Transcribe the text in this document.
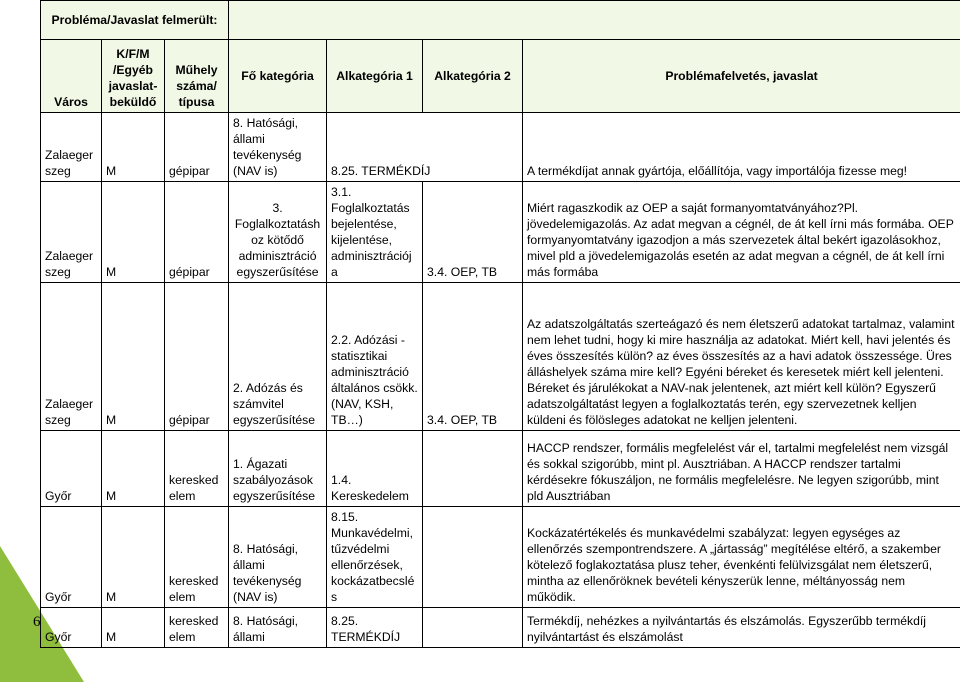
6
Probléma/Javaslat felmerült:						
Város	K/F/M /Egyéb javaslat-beküldő	Műhely száma/ típusa	Fő kategória	Alkategória 1	Alkategória 2	Problémafelvetés, javaslat
Zalaegerszeg	M	gépipar	8. Hatósági, állami tevékenység (NAV is)	8.25. TERMÉKDÍJ		A termékdíjat annak gyártója, előállítója, vagy importálója fizesse meg!
Zalaegerszeg	M	gépipar	3. Foglalkoztatáshoz kötődő adminisztráció egyszerűsítése	3.1. Foglalkoztatás bejelentése, kijelentése, adminisztrációja	3.4. OEP, TB	Miért ragaszkodik az OEP a saját formanyomtatványához?Pl. jövedelemigazolás. Az adat megvan a cégnél, de át kell írni más formába. OEP formyanyomtatvány igazodjon a más szervezetek által bekért igazolásokhoz, mivel pld a jövedelemigazolás esetén az adat megvan a cégnél, de át kell írni más formába
Zalaegerszeg	M	gépipar	2. Adózás és számvitel egyszerűsítése	2.2. Adózási - statisztikai adminisztráció általános csökk. (NAV, KSH, TB…)	3.4. OEP, TB	Az adatszolgáltatás szerteágazó és nem életszerű adatokat tartalmaz, valamint nem lehet tudni, hogy ki mire használja az adatokat. Miért kell, havi jelentés és éves összesítés külön? az éves összesítés az a havi adatok összessége. Üres álláshelyek száma mire kell? Egyéni béreket és keresetek miért kell jelenteni. Béreket és járulékokat a NAV-nak jelentenek, azt miért kell külön? Egyszerű adatszolgáltatást legyen a foglalkoztatás terén, egy szervezetnek kelljen küldeni és fölösleges adatokat ne kelljen jelenteni.
Győr	M	kereskedelem	1. Ágazati szabályozások egyszerűsítése	1.4. Kereskedelem		HACCP rendszer, formális megfelelést vár el, tartalmi megfelelést nem vizsgál és sokkal szigorúbb, mint pl. Ausztriában. A HACCP rendszer tartalmi kérdésekre fókuszáljon, ne formális megfelelésre. Ne legyen szigorúbb, mint pld Ausztriában
Győr	M	kereskedelem	8. Hatósági, állami tevékenység (NAV is)	8.15. Munkavédelmi, tűzvédelmi ellenőrzések, kockázatbecslés		Kockázatértékelés és munkavédelmi szabályzat: legyen egységes az ellenőrzés szempontrendszere. A „jártasság” megítélése eltérő, a szakember kötelező foglakoztatása plusz teher, évenkénti felülvizsgálat nem életszerű, mintha az ellenőröknek bevételi kényszerük lenne, méltányosság nem működik.
Győr	M	kereskedelem	8. Hatósági, állami	8.25. TERMÉKDÍJ		Termékdíj, nehézkes a nyilvántartás és elszámolás. Egyszerűbb termékdíj nyilvántartást és elszámolást
